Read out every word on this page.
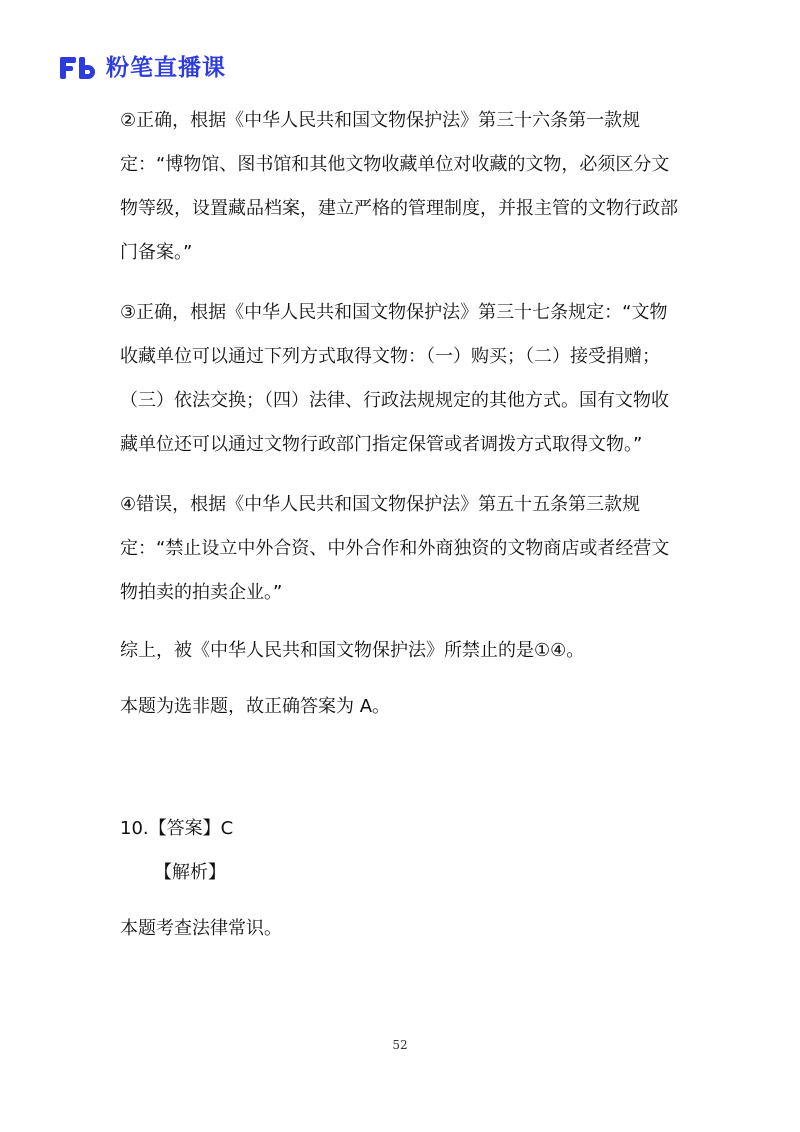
粉笔直播课

②正确，根据《中华人民共和国文物保护法》第三十六条第一款规定：“博物馆、图书馆和其他文物收藏单位对收藏的文物，必须区分文物等级，设置藏品档案，建立严格的管理制度，并报主管的文物行政部门备案。”

③正确，根据《中华人民共和国文物保护法》第三十七条规定：“文物收藏单位可以通过下列方式取得文物：（一）购买；（二）接受捐赠；（三）依法交换；（四）法律、行政法规规定的其他方式。国有文物收藏单位还可以通过文物行政部门指定保管或者调拨方式取得文物。”

④错误，根据《中华人民共和国文物保护法》第五十五条第三款规定：“禁止设立中外合资、中外合作和外商独资的文物商店或者经营文物拍卖的拍卖企业。”

综上，被《中华人民共和国文物保护法》所禁止的是①④。

本题为选非题，故正确答案为 A。

10.【答案】C

【解析】

本题考查法律常识。

52
